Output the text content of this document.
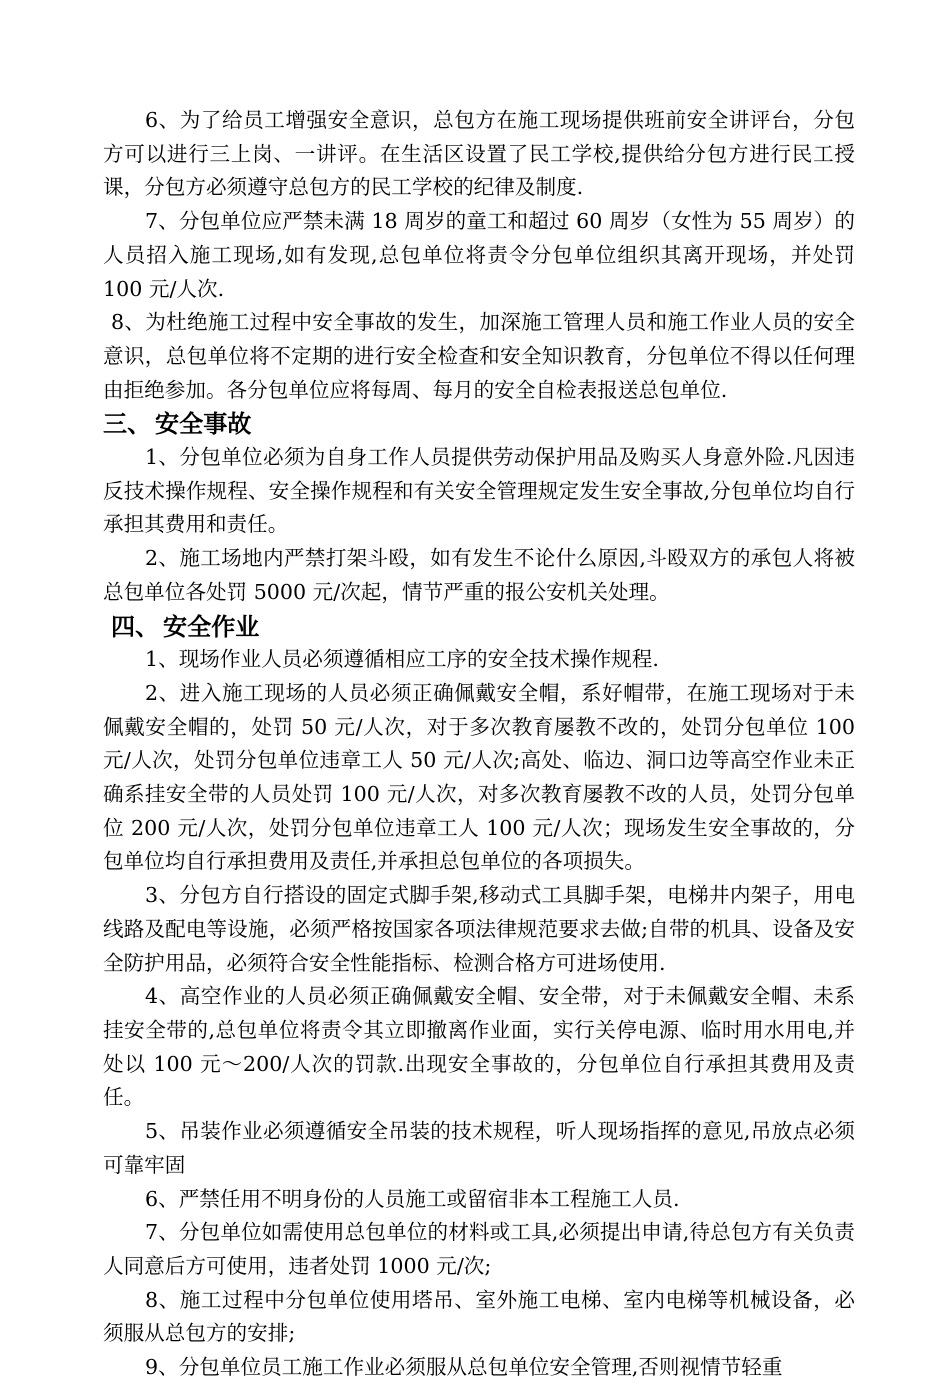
6、为了给员工增强安全意识，总包方在施工现场提供班前安全讲评台，分包方可以进行三上岗、一讲评。在生活区设置了民工学校,提供给分包方进行民工授课，分包方必须遵守总包方的民工学校的纪律及制度.

7、分包单位应严禁未满 18 周岁的童工和超过 60 周岁（女性为 55 周岁）的人员招入施工现场,如有发现,总包单位将责令分包单位组织其离开现场，并处罚 100 元/人次.

8、为杜绝施工过程中安全事故的发生，加深施工管理人员和施工作业人员的安全意识，总包单位将不定期的进行安全检查和安全知识教育，分包单位不得以任何理由拒绝参加。各分包单位应将每周、每月的安全自检表报送总包单位.

三、 安全事故

1、分包单位必须为自身工作人员提供劳动保护用品及购买人身意外险.凡因违反技术操作规程、安全操作规程和有关安全管理规定发生安全事故,分包单位均自行承担其费用和责任。

2、施工场地内严禁打架斗殴，如有发生不论什么原因,斗殴双方的承包人将被总包单位各处罚 5000 元/次起，情节严重的报公安机关处理。

四、 安全作业

1、现场作业人员必须遵循相应工序的安全技术操作规程.

2、进入施工现场的人员必须正确佩戴安全帽，系好帽带，在施工现场对于未佩戴安全帽的，处罚 50 元/人次，对于多次教育屡教不改的，处罚分包单位 100 元/人次，处罚分包单位违章工人 50 元/人次;高处、临边、洞口边等高空作业未正确系挂安全带的人员处罚 100 元/人次，对多次教育屡教不改的人员，处罚分包单位 200 元/人次，处罚分包单位违章工人 100 元/人次；现场发生安全事故的，分包单位均自行承担费用及责任,并承担总包单位的各项损失。

3、分包方自行搭设的固定式脚手架,移动式工具脚手架，电梯井内架子，用电线路及配电等设施，必须严格按国家各项法律规范要求去做;自带的机具、设备及安全防护用品，必须符合安全性能指标、检测合格方可进场使用.

4、高空作业的人员必须正确佩戴安全帽、安全带，对于未佩戴安全帽、未系挂安全带的,总包单位将责令其立即撤离作业面，实行关停电源、临时用水用电,并处以 100 元～200/人次的罚款.出现安全事故的，分包单位自行承担其费用及责任。

5、吊装作业必须遵循安全吊装的技术规程，听人现场指挥的意见,吊放点必须可靠牢固

6、严禁任用不明身份的人员施工或留宿非本工程施工人员.

7、分包单位如需使用总包单位的材料或工具,必须提出申请,待总包方有关负责人同意后方可使用，违者处罚 1000 元/次;

8、施工过程中分包单位使用塔吊、室外施工电梯、室内电梯等机械设备，必须服从总包方的安排;

9、分包单位员工施工作业必须服从总包单位安全管理,否则视情节轻重
